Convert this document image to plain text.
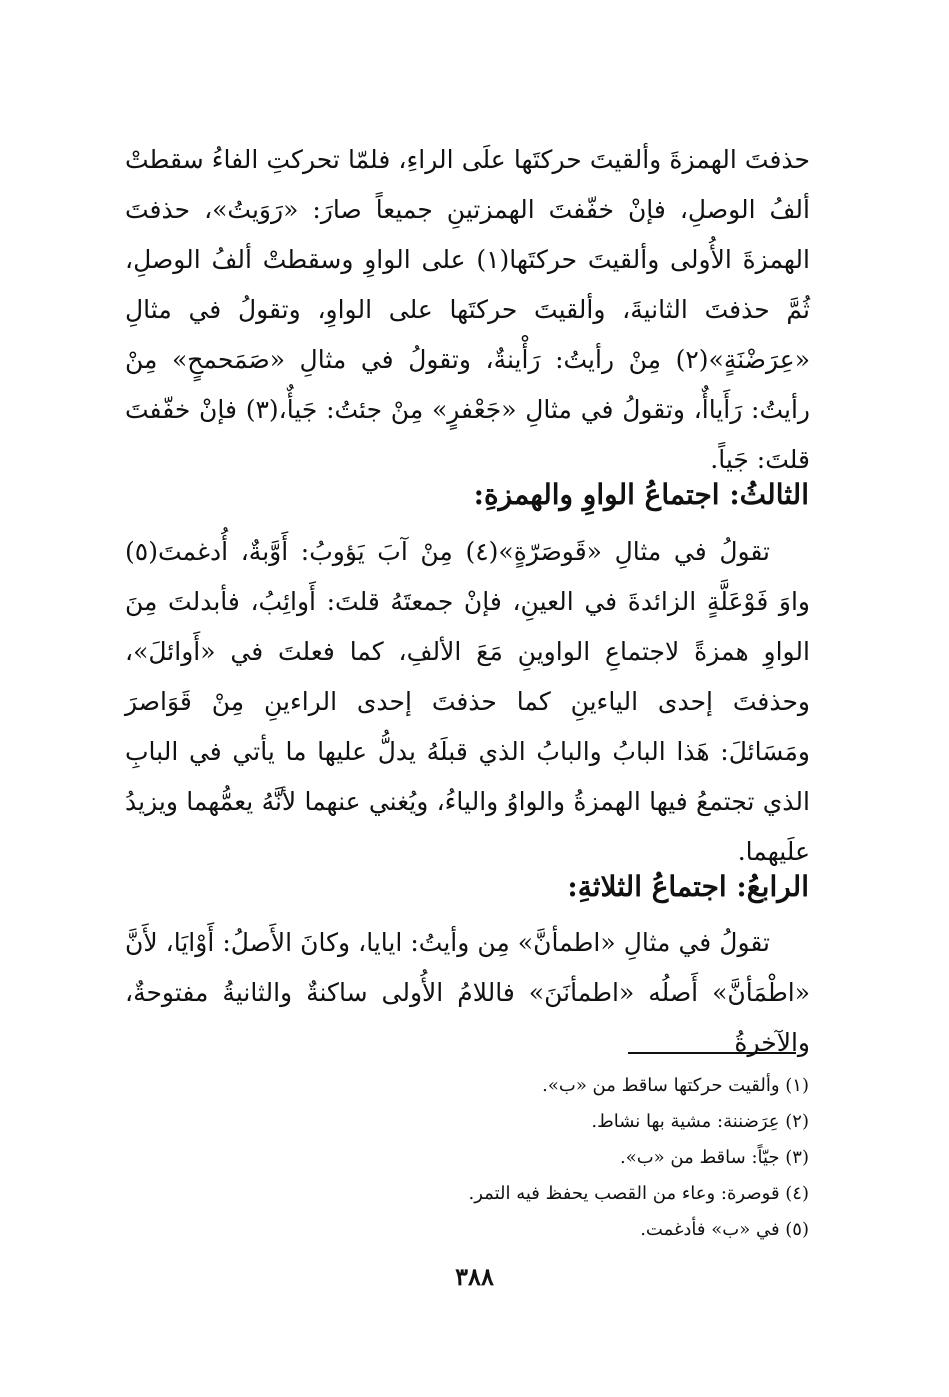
حذفتَ الهمزةَ وألقيتَ حركتَها علَى الراءِ، فلمّا تحركتِ الفاءُ سقطتْ ألفُ الوصلِ، فإنْ خفّفتَ الهمزتينِ جميعاً صارَ: «رَوَيتُ»، حذفتَ الهمزةَ الأُولى وألقيتَ حركتَها(١) على الواوِ وسقطتْ ألفُ الوصلِ، ثُمَّ حذفتَ الثانيةَ، وألقيتَ حركتَها على الواوِ، وتقولُ في مثالِ «عِرَضْنَةٍ»(٢) مِنْ رأيتُ: رَأْينةٌ، وتقولُ في مثالِ «صَمَحمحٍ» مِنْ رأيتُ: رَأَياأٌ، وتقولُ في مثالِ «جَعْفرٍ» مِنْ جئتُ: جَيأٌ،(٣) فإنْ خفّفتَ قلتَ: جَياً.

الثالثُ: اجتماعُ الواوِ والهمزةِ:

تقولُ في مثالِ «قَوصَرّةٍ»(٤) مِنْ آبَ يَؤوبُ: أَوَّبةٌ، أُدغمتَ(٥) واوَ فَوْعَلَّةٍ الزائدةَ في العينِ، فإنْ جمعتَهُ قلتَ: أَوائِبُ، فأبدلتَ مِنَ الواوِ همزةً لاجتماعِ الواوينِ مَعَ الألفِ، كما فعلتَ في «أَوائلَ»، وحذفتَ إحدى الياءينِ كما حذفتَ إحدى الراءينِ مِنْ قَوَاصرَ ومَسَائلَ: هَذا البابُ والبابُ الذي قبلَهُ يدلُّ عليها ما يأتي في البابِ الذي تجتمعُ فيها الهمزةُ والواوُ والياءُ، ويُغني عنهما لأنَّهُ يعمُّهما ويزيدُ علَيهما.

الرابعُ: اجتماعُ الثلاثةِ:

تقولُ في مثالِ «اطمأنَّ» مِن وأيتُ: ايايا، وكانَ الأَصلُ: أَوْايَا، لأَنَّ «اطْمَأنَّ» أَصلُه «اطمأنَنَ» فاللامُ الأُولى ساكنةٌ والثانيةُ مفتوحةٌ، والآخرةُ

(١) وألقيت حركتها ساقط من «ب».
(٢) عِرَضننة: مشية بها نشاط.
(٣) جيّاً: ساقط من «ب».
(٤) قوصرة: وعاء من القصب يحفظ فيه التمر.
(٥) في «ب» فأدغمت.
٣٨٨
